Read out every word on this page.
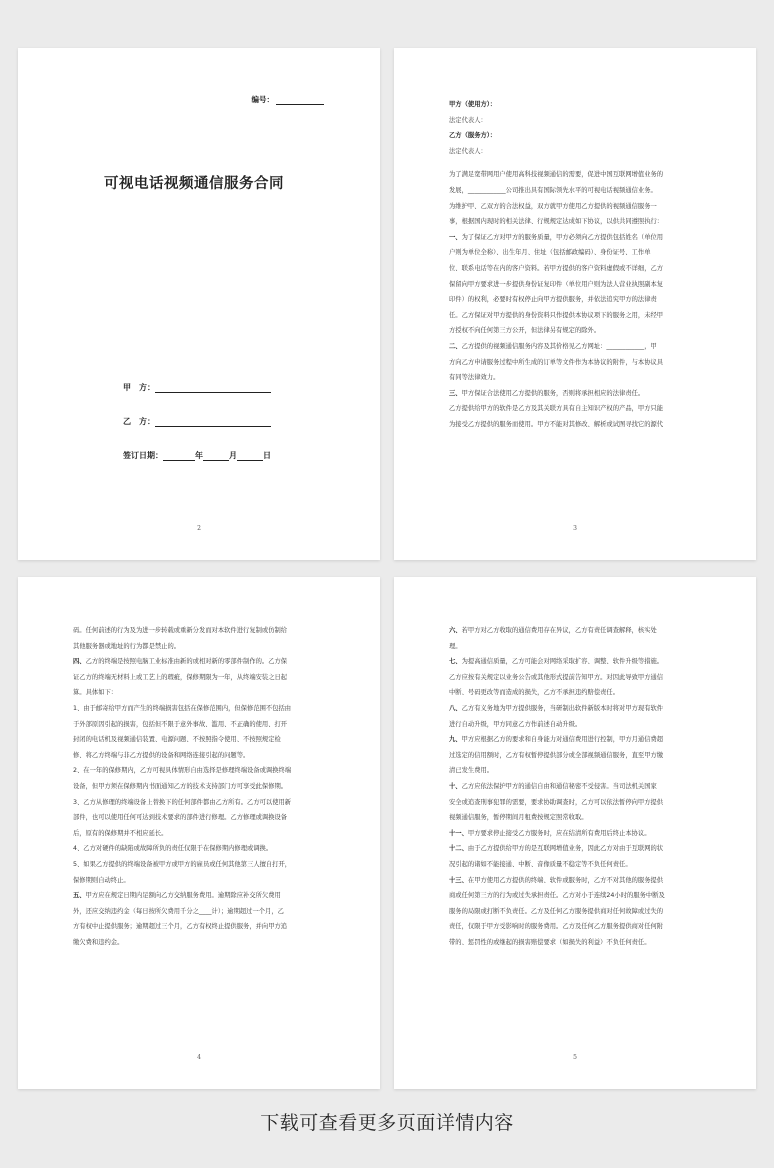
编号：
可视电话视频通信服务合同
甲　方：
乙　方：
签订日期：	年	月	日
2

甲方（使用方）：

法定代表人：

乙方（服务方）：

法定代表人：

为了满足宽带网用户使用高科技视频通信的需要，促进中国互联网增值业务的

发展，____________公司推出具有国际领先水平的可视电话视频通信业务。

为维护甲、乙双方的合法权益，双方就甲方使用乙方提供的视频通信服务一

事，根据国内现时的相关法律、行规规定达成如下协议，以供共同遵照执行：

一、为了保证乙方对甲方的服务质量，甲方必须向乙方提供包括姓名（单位用

户则为单位全称）、出生年月、住址（包括邮政编码）、身份证号、工作单

位、联系电话等在内的客户资料。若甲方提供的客户资料虚假或不详细，乙方

保留向甲方要求进一步提供身份证复印件（单位用户则为法人营业执照副本复

印件）的权利，必要时有权停止向甲方提供服务，并依法追究甲方的法律责

任。乙方保证对甲方提供的身份资料只作提供本协议项下的服务之用，未经甲

方授权不向任何第三方公开，但法律另有规定的除外。

二、乙方提供的视频通信服务内容及其价格见乙方网址：____________，甲

方向乙方申请服务过程中所生成的订单等文件作为本协议的附件，与本协议具

有同等法律效力。

三、甲方保证合法使用乙方提供的服务，否则将承担相应的法律责任。

乙方提供给甲方的软件是乙方及其关联方具有自主知识产权的产品，甲方只能

为接受乙方提供的服务而使用。甲方不能对其修改、解析或试图寻找它的源代

3

码。任何前述的行为及为进一步转载或重新分发而对本软件进行复制或仿制给

其他服务器或地址的行为都是禁止的。

四、乙方的终端是按照电脑工业标准由新的或相对新的零部件制作的。乙方保

证乙方的终端无材料上或工艺上的瑕疵，保修期限为一年，从终端安装之日起

算。具体如下：

1、由于邮寄给甲方而产生的终端损害包括在保修范围内，但保修范围不包括由

于外部原因引起的损害，包括但不限于意外事故、滥用、不正确的使用、打开

封闭的电话机及视频通信装置、电源问题、不按照指令使用、不按照规定检

修、将乙方终端与非乙方提供的设备和网络连接引起的问题等。

2、在一年的保修期内，乙方可视具体情形自由选择是修理终端设备或调换终端

设备，但甲方须在保修期内书面通知乙方的技术支持部门方可享受此保修期。

3、乙方从修理的终端设备上替换下的任何部件都由乙方所有。乙方可以使用新

部件，也可以使用任何可达到技术要求的部件进行修理。乙方修理或调换设备

后，原有的保修期并不相应延长。

4、乙方对硬件的缺陷或故障所负的责任仅限于在保修期内修理或调换。

5、如果乙方提供的终端设备被甲方或甲方的雇员或任何其他第三人擅自打开，

保修期则自动终止。

五、甲方应在规定日期内足额向乙方交纳服务费用。逾期除应补交所欠费用

外，还应交纳违约金（每日按所欠费用千分之____计）；逾期超过一个月，乙

方有权中止提供服务；逾期超过三个月，乙方有权终止提供服务，并向甲方追

缴欠费和违约金。

4

六、若甲方对乙方收取的通信费用存在异议，乙方有责任调查解释，核实处

理。

七、为提高通信质量，乙方可能会对网络采取扩容、调整、软件升级等措施。

乙方应按有关规定以业务公告或其他形式提前告知甲方。对因此导致甲方通信

中断、号码更改等而造成的损失，乙方不承担违约赔偿责任。

八、乙方有义务地为甲方提供服务，当研制出软件新版本时将对甲方现有软件

进行自动升级，甲方同意乙方作前述自动升级。

九、甲方应根据乙方的要求和自身能力对通信费用进行控制，甲方月通信费超

过选定的信用额时，乙方有权暂停提供部分或全部视频通信服务，直至甲方缴

清已发生费用。

十、乙方应依法保护甲方的通信自由和通信秘密不受侵害。当司法机关国家

安全或追查刑事犯罪的需要，要求协助调查时，乙方可以依法暂停向甲方提供

视频通信服务，暂停期间月租费按规定照常收取。

十一、甲方要求停止接受乙方服务时，应在结清所有费用后终止本协议。

十二、由于乙方提供给甲方的是互联网增值业务，因此乙方对由于互联网的状

况引起的诸如不能接通、中断、音像质量不稳定等不负任何责任。

十三、在甲方使用乙方提供的终端、软件或服务时，乙方不对其他的服务提供

商或任何第三方的行为或过失承担责任。乙方对小于连续24小时的服务中断及

服务的局限或打断不负责任。乙方及任何乙方服务提供商对任何故障或过失的

责任，仅限于甲方受影响时的服务费用。乙方及任何乙方服务提供商对任何附

带的、惩罚性的或继起的损害赔偿要求（如损失的利益）不负任何责任。

5
下载可查看更多页面详情内容
